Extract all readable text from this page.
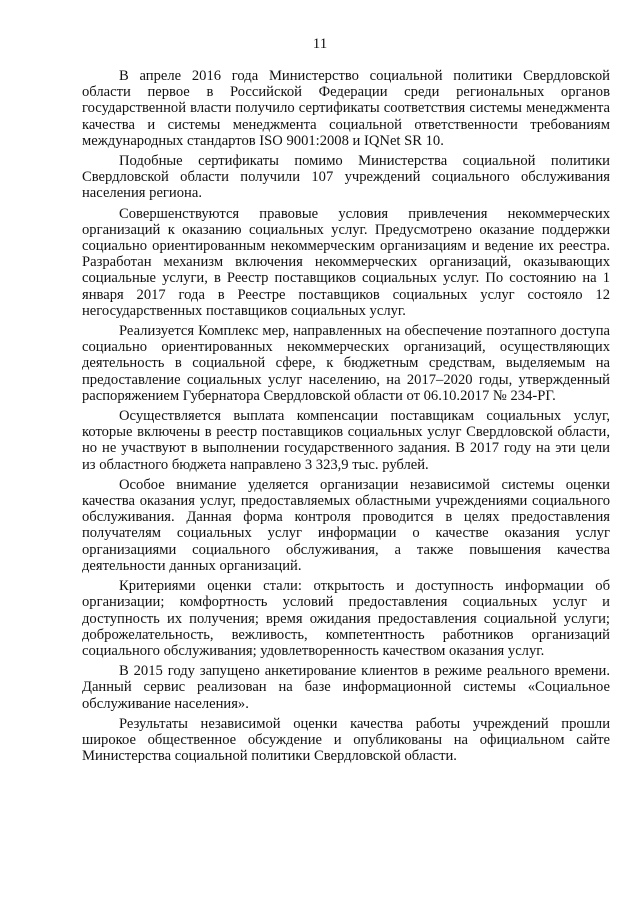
11

В апреле 2016 года Министерство социальной политики Свердловской области первое в Российской Федерации среди региональных органов государственной власти получило сертификаты соответствия системы менеджмента качества и системы менеджмента социальной ответственности требованиям международных стандартов ISO 9001:2008 и IQNet SR 10.

Подобные сертификаты помимо Министерства социальной политики Свердловской области получили 107 учреждений социального обслуживания населения региона.

Совершенствуются правовые условия привлечения некоммерческих организаций к оказанию социальных услуг. Предусмотрено оказание поддержки социально ориентированным некоммерческим организациям и ведение их реестра. Разработан механизм включения некоммерческих организаций, оказывающих социальные услуги, в Реестр поставщиков социальных услуг. По состоянию на 1 января 2017 года в Реестре поставщиков социальных услуг состояло 12 негосударственных поставщиков социальных услуг.

Реализуется Комплекс мер, направленных на обеспечение поэтапного доступа социально ориентированных некоммерческих организаций, осуществляющих деятельность в социальной сфере, к бюджетным средствам, выделяемым на предоставление социальных услуг населению, на 2017–2020 годы, утвержденный распоряжением Губернатора Свердловской области от 06.10.2017 № 234-РГ.

Осуществляется выплата компенсации поставщикам социальных услуг, которые включены в реестр поставщиков социальных услуг Свердловской области, но не участвуют в выполнении государственного задания. В 2017 году на эти цели из областного бюджета направлено 3 323,9 тыс. рублей.

Особое внимание уделяется организации независимой системы оценки качества оказания услуг, предоставляемых областными учреждениями социального обслуживания. Данная форма контроля проводится в целях предоставления получателям социальных услуг информации о качестве оказания услуг организациями социального обслуживания, а также повышения качества деятельности данных организаций.

Критериями оценки стали: открытость и доступность информации об организации; комфортность условий предоставления социальных услуг и доступность их получения; время ожидания предоставления социальной услуги; доброжелательность, вежливость, компетентность работников организаций социального обслуживания; удовлетворенность качеством оказания услуг.

В 2015 году запущено анкетирование клиентов в режиме реального времени. Данный сервис реализован на базе информационной системы «Социальное обслуживание населения».

Результаты независимой оценки качества работы учреждений прошли широкое общественное обсуждение и опубликованы на официальном сайте Министерства социальной политики Свердловской области.
